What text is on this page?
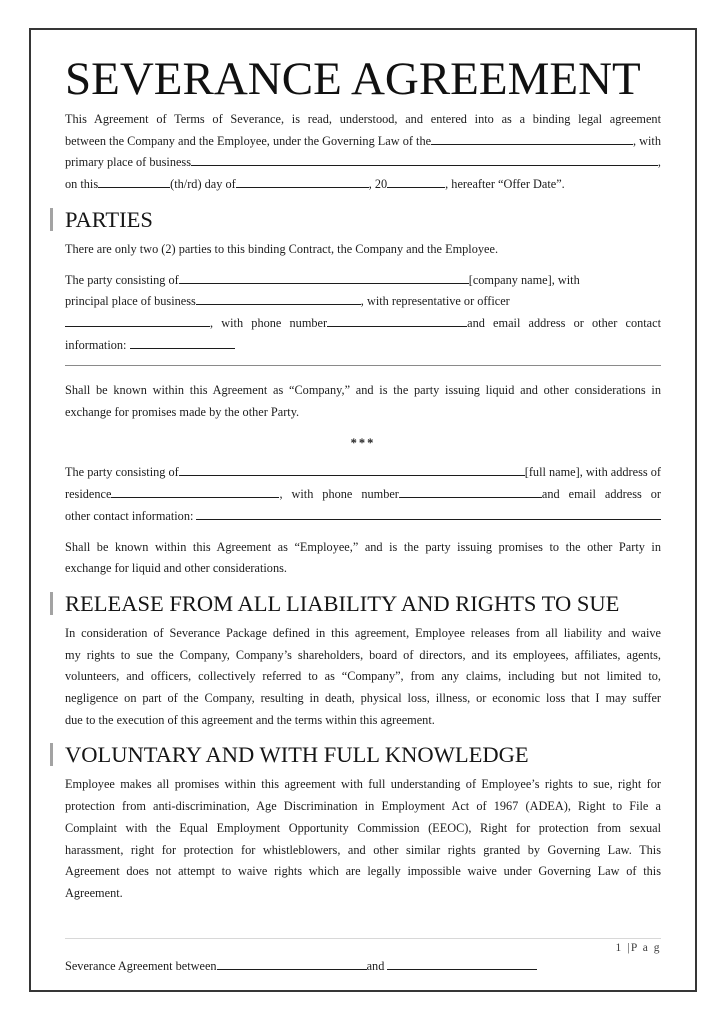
SEVERANCE AGREEMENT
This Agreement of Terms of Severance, is read, understood, and entered into as a binding legal agreement
between the Company and the Employee, under the Governing Law of the	, with
primary place of business	,
on this	(th/rd) day of	, 20	, hereafter “Offer Date”.
PARTIES
There are only two (2) parties to this binding Contract, the Company and the Employee.
The party consisting of	[company name], with
principal place of business	, with representative or officer
, with phone number	and email address or other contact
information:
Shall be known within this Agreement as “Company,” and is the party issuing liquid and other considerations in
exchange for promises made by the other Party.
***
The party consisting of	[full name], with address of
residence	, with phone number	and email address or
other contact information:
Shall be known within this Agreement as “Employee,” and is the party issuing promises to the other Party in
exchange for liquid and other considerations.
RELEASE FROM ALL LIABILITY AND RIGHTS TO SUE
In consideration of Severance Package defined in this agreement, Employee releases from all liability and waive
my rights to sue the Company, Company’s shareholders, board of directors, and its employees, affiliates, agents,
volunteers, and officers, collectively referred to as “Company”, from any claims, including but not limited to,
negligence on part of the Company, resulting in death, physical loss, illness, or economic loss that I may suffer
due to the execution of this agreement and the terms within this agreement.
VOLUNTARY AND WITH FULL KNOWLEDGE
Employee makes all promises within this agreement with full understanding of Employee’s rights to sue, right for
protection from anti-discrimination, Age Discrimination in Employment Act of 1967 (ADEA), Right to File a
Complaint with the Equal Employment Opportunity Commission (EEOC), Right for protection from sexual
harassment, right for protection for whistleblowers, and other similar rights granted by Governing Law. This
Agreement does not attempt to waive rights which are legally impossible waive under Governing Law of this
Agreement.
1 |P a g
Severance Agreement between	and
